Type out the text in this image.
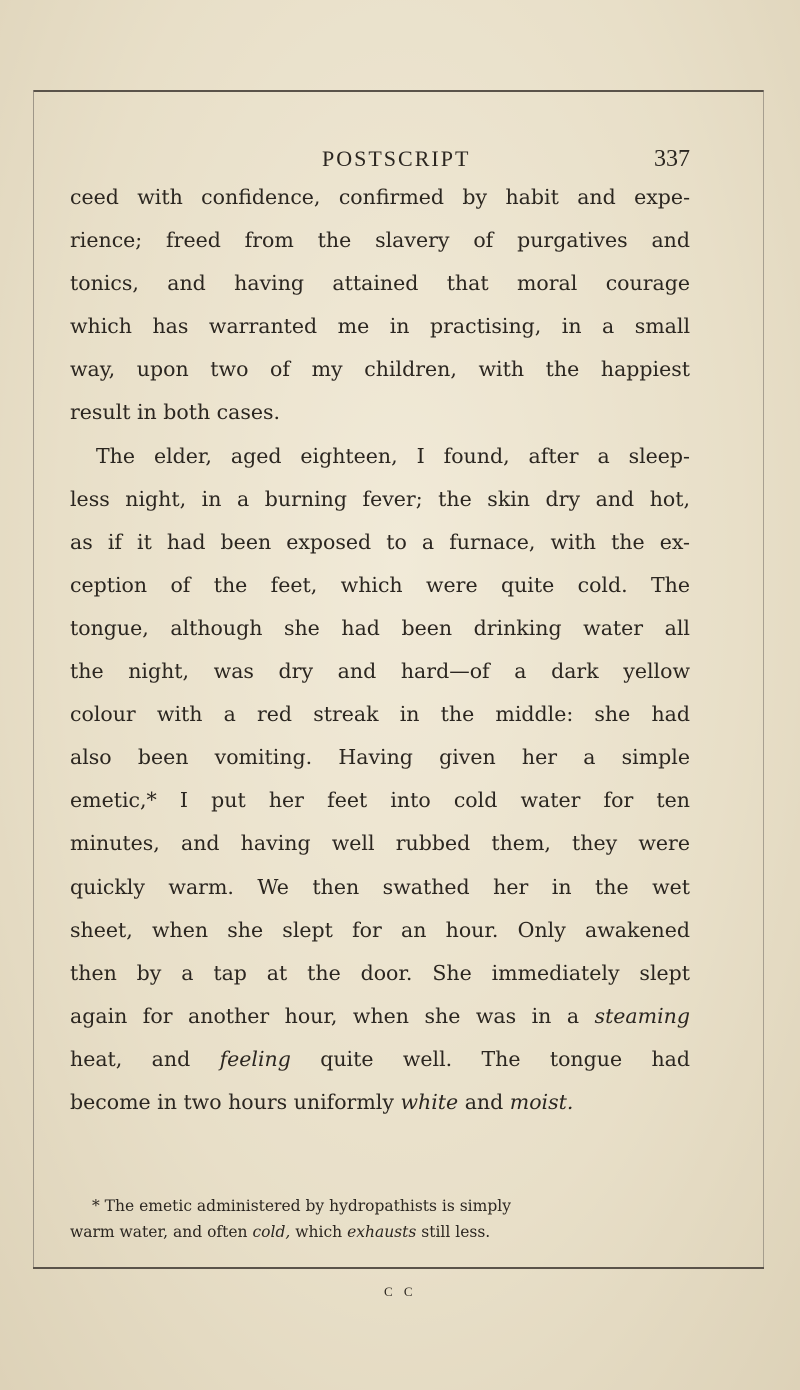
POSTSCRIPT	337
ceed with confidence, confirmed by habit and expe-
rience; freed from the slavery of purgatives and
tonics, and having attained that moral courage
which has warranted me in practising, in a small
way, upon two of my children, with the happiest
result in both cases.
The elder, aged eighteen, I found, after a sleep-
less night, in a burning fever; the skin dry and hot,
as if it had been exposed to a furnace, with the ex-
ception of the feet, which were quite cold. The
tongue, although she had been drinking water all
the night, was dry and hard—of a dark yellow
colour with a red streak in the middle: she had
also been vomiting. Having given her a simple
emetic,* I put her feet into cold water for ten
minutes, and having well rubbed them, they were
quickly warm. We then swathed her in the wet
sheet, when she slept for an hour. Only awakened
then by a tap at the door. She immediately slept
again for another hour, when she was in a steaming
heat, and feeling quite well. The tongue had
become in two hours uniformly white and moist.
* The emetic administered by hydropathists is simply
warm water, and often cold, which exhausts still less.
C C
